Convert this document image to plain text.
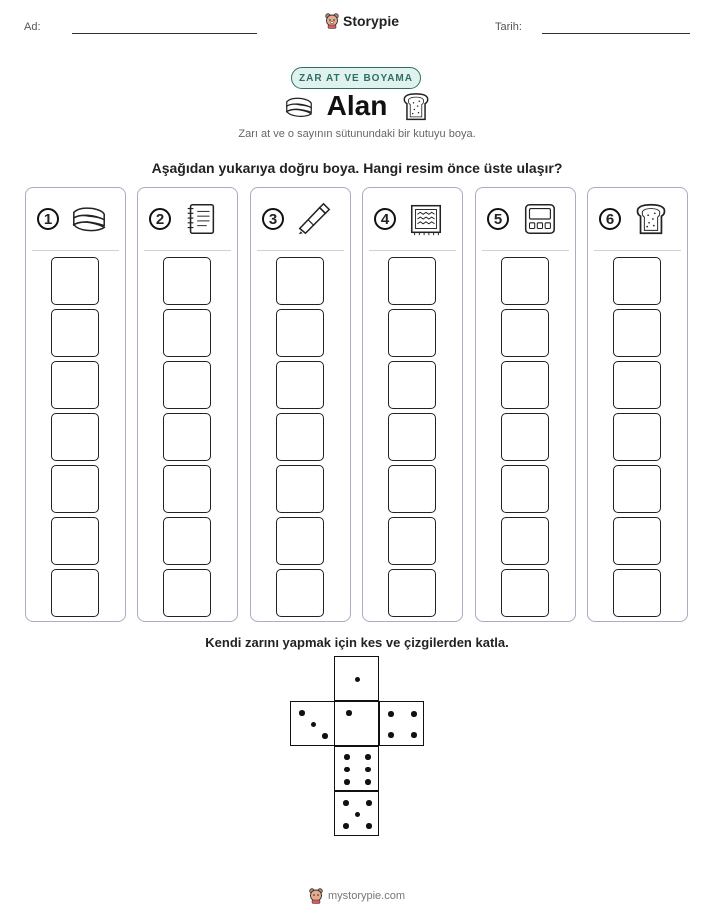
Ad:	Storypie	Tarih:
ZAR AT VE BOYAMA
Alan
Zarı at ve o sayının sütunundaki bir kutuyu boya.
Aşağıdan yukarıya doğru boya. Hangi resim önce üste ulaşır?
1	2	3	4	5	6
Kendi zarını yapmak için kes ve çizgilerden katla.
mystorypie.com
